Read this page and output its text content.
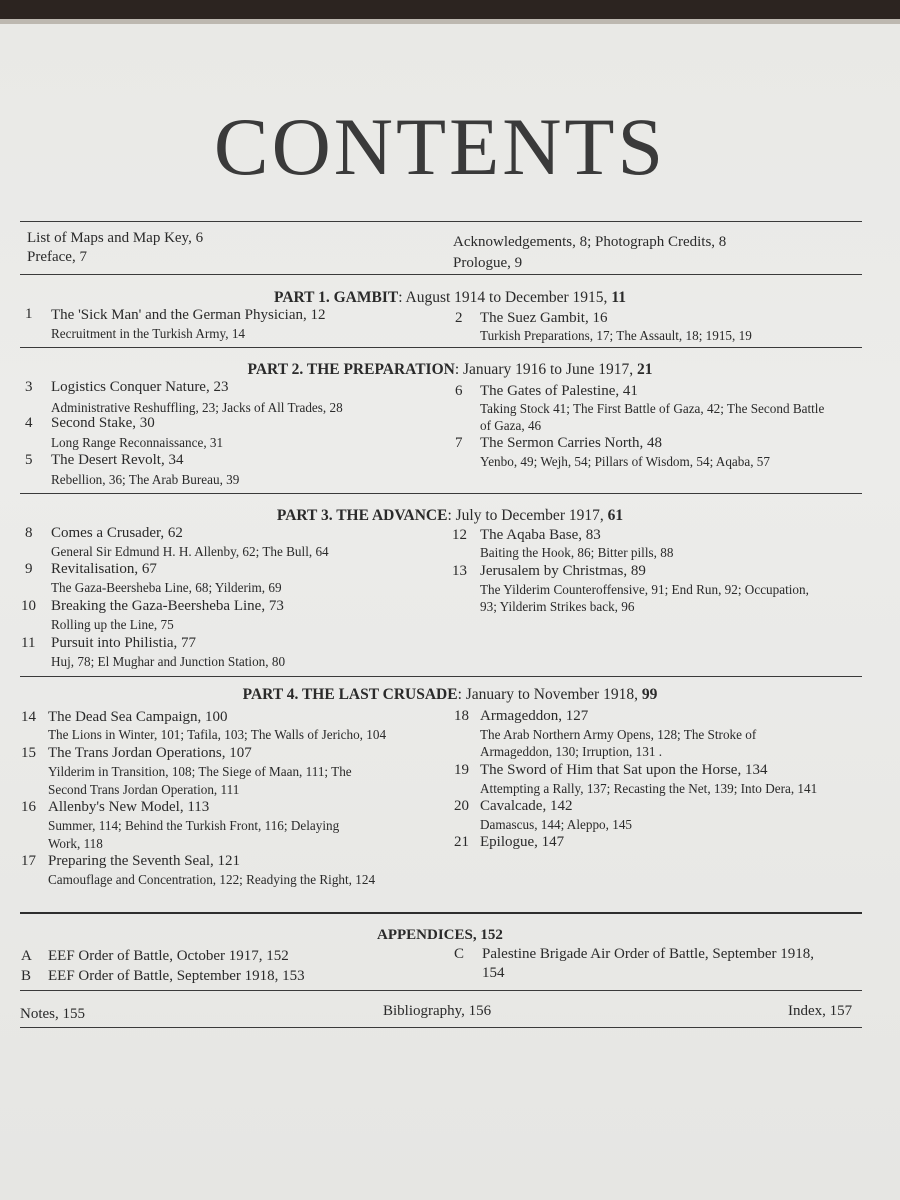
CONTENTS
List of Maps and Map Key, 6
Preface, 7
Acknowledgements, 8; Photograph Credits, 8
Prologue, 9
PART 1. GAMBIT: August 1914 to December 1915, 11
1 The 'Sick Man' and the German Physician, 12
Recruitment in the Turkish Army, 14
2 The Suez Gambit, 16
Turkish Preparations, 17; The Assault, 18; 1915, 19
PART 2. THE PREPARATION: January 1916 to June 1917, 21
3 Logistics Conquer Nature, 23
Administrative Reshuffling, 23; Jacks of All Trades, 28
4 Second Stake, 30
Long Range Reconnaissance, 31
5 The Desert Revolt, 34
Rebellion, 36; The Arab Bureau, 39
6 The Gates of Palestine, 41
Taking Stock 41; The First Battle of Gaza, 42; The Second Battle
of Gaza, 46
7 The Sermon Carries North, 48
Yenbo, 49; Wejh, 54; Pillars of Wisdom, 54; Aqaba, 57
PART 3. THE ADVANCE: July to December 1917, 61
8 Comes a Crusader, 62
General Sir Edmund H. H. Allenby, 62; The Bull, 64
9 Revitalisation, 67
The Gaza-Beersheba Line, 68; Yilderim, 69
10 Breaking the Gaza-Beersheba Line, 73
Rolling up the Line, 75
11 Pursuit into Philistia, 77
Huj, 78; El Mughar and Junction Station, 80
12 The Aqaba Base, 83
Baiting the Hook, 86; Bitter pills, 88
13 Jerusalem by Christmas, 89
The Yilderim Counteroffensive, 91; End Run, 92; Occupation,
93; Yilderim Strikes back, 96
PART 4. THE LAST CRUSADE: January to November 1918, 99
14 The Dead Sea Campaign, 100
The Lions in Winter, 101; Tafila, 103; The Walls of Jericho, 104
15 The Trans Jordan Operations, 107
Yilderim in Transition, 108; The Siege of Maan, 111; The
Second Trans Jordan Operation, 111
16 Allenby's New Model, 113
Summer, 114; Behind the Turkish Front, 116; Delaying
Work, 118
17 Preparing the Seventh Seal, 121
Camouflage and Concentration, 122; Readying the Right, 124
18 Armageddon, 127
The Arab Northern Army Opens, 128; The Stroke of
Armageddon, 130; Irruption, 131 .
19 The Sword of Him that Sat upon the Horse, 134
Attempting a Rally, 137; Recasting the Net, 139; Into Dera, 141
20 Cavalcade, 142
Damascus, 144; Aleppo, 145
21 Epilogue, 147
APPENDICES, 152
A EEF Order of Battle, October 1917, 152
B EEF Order of Battle, September 1918, 153
C Palestine Brigade Air Order of Battle, September 1918,
154
Notes, 155	Bibliography, 156	Index, 157
